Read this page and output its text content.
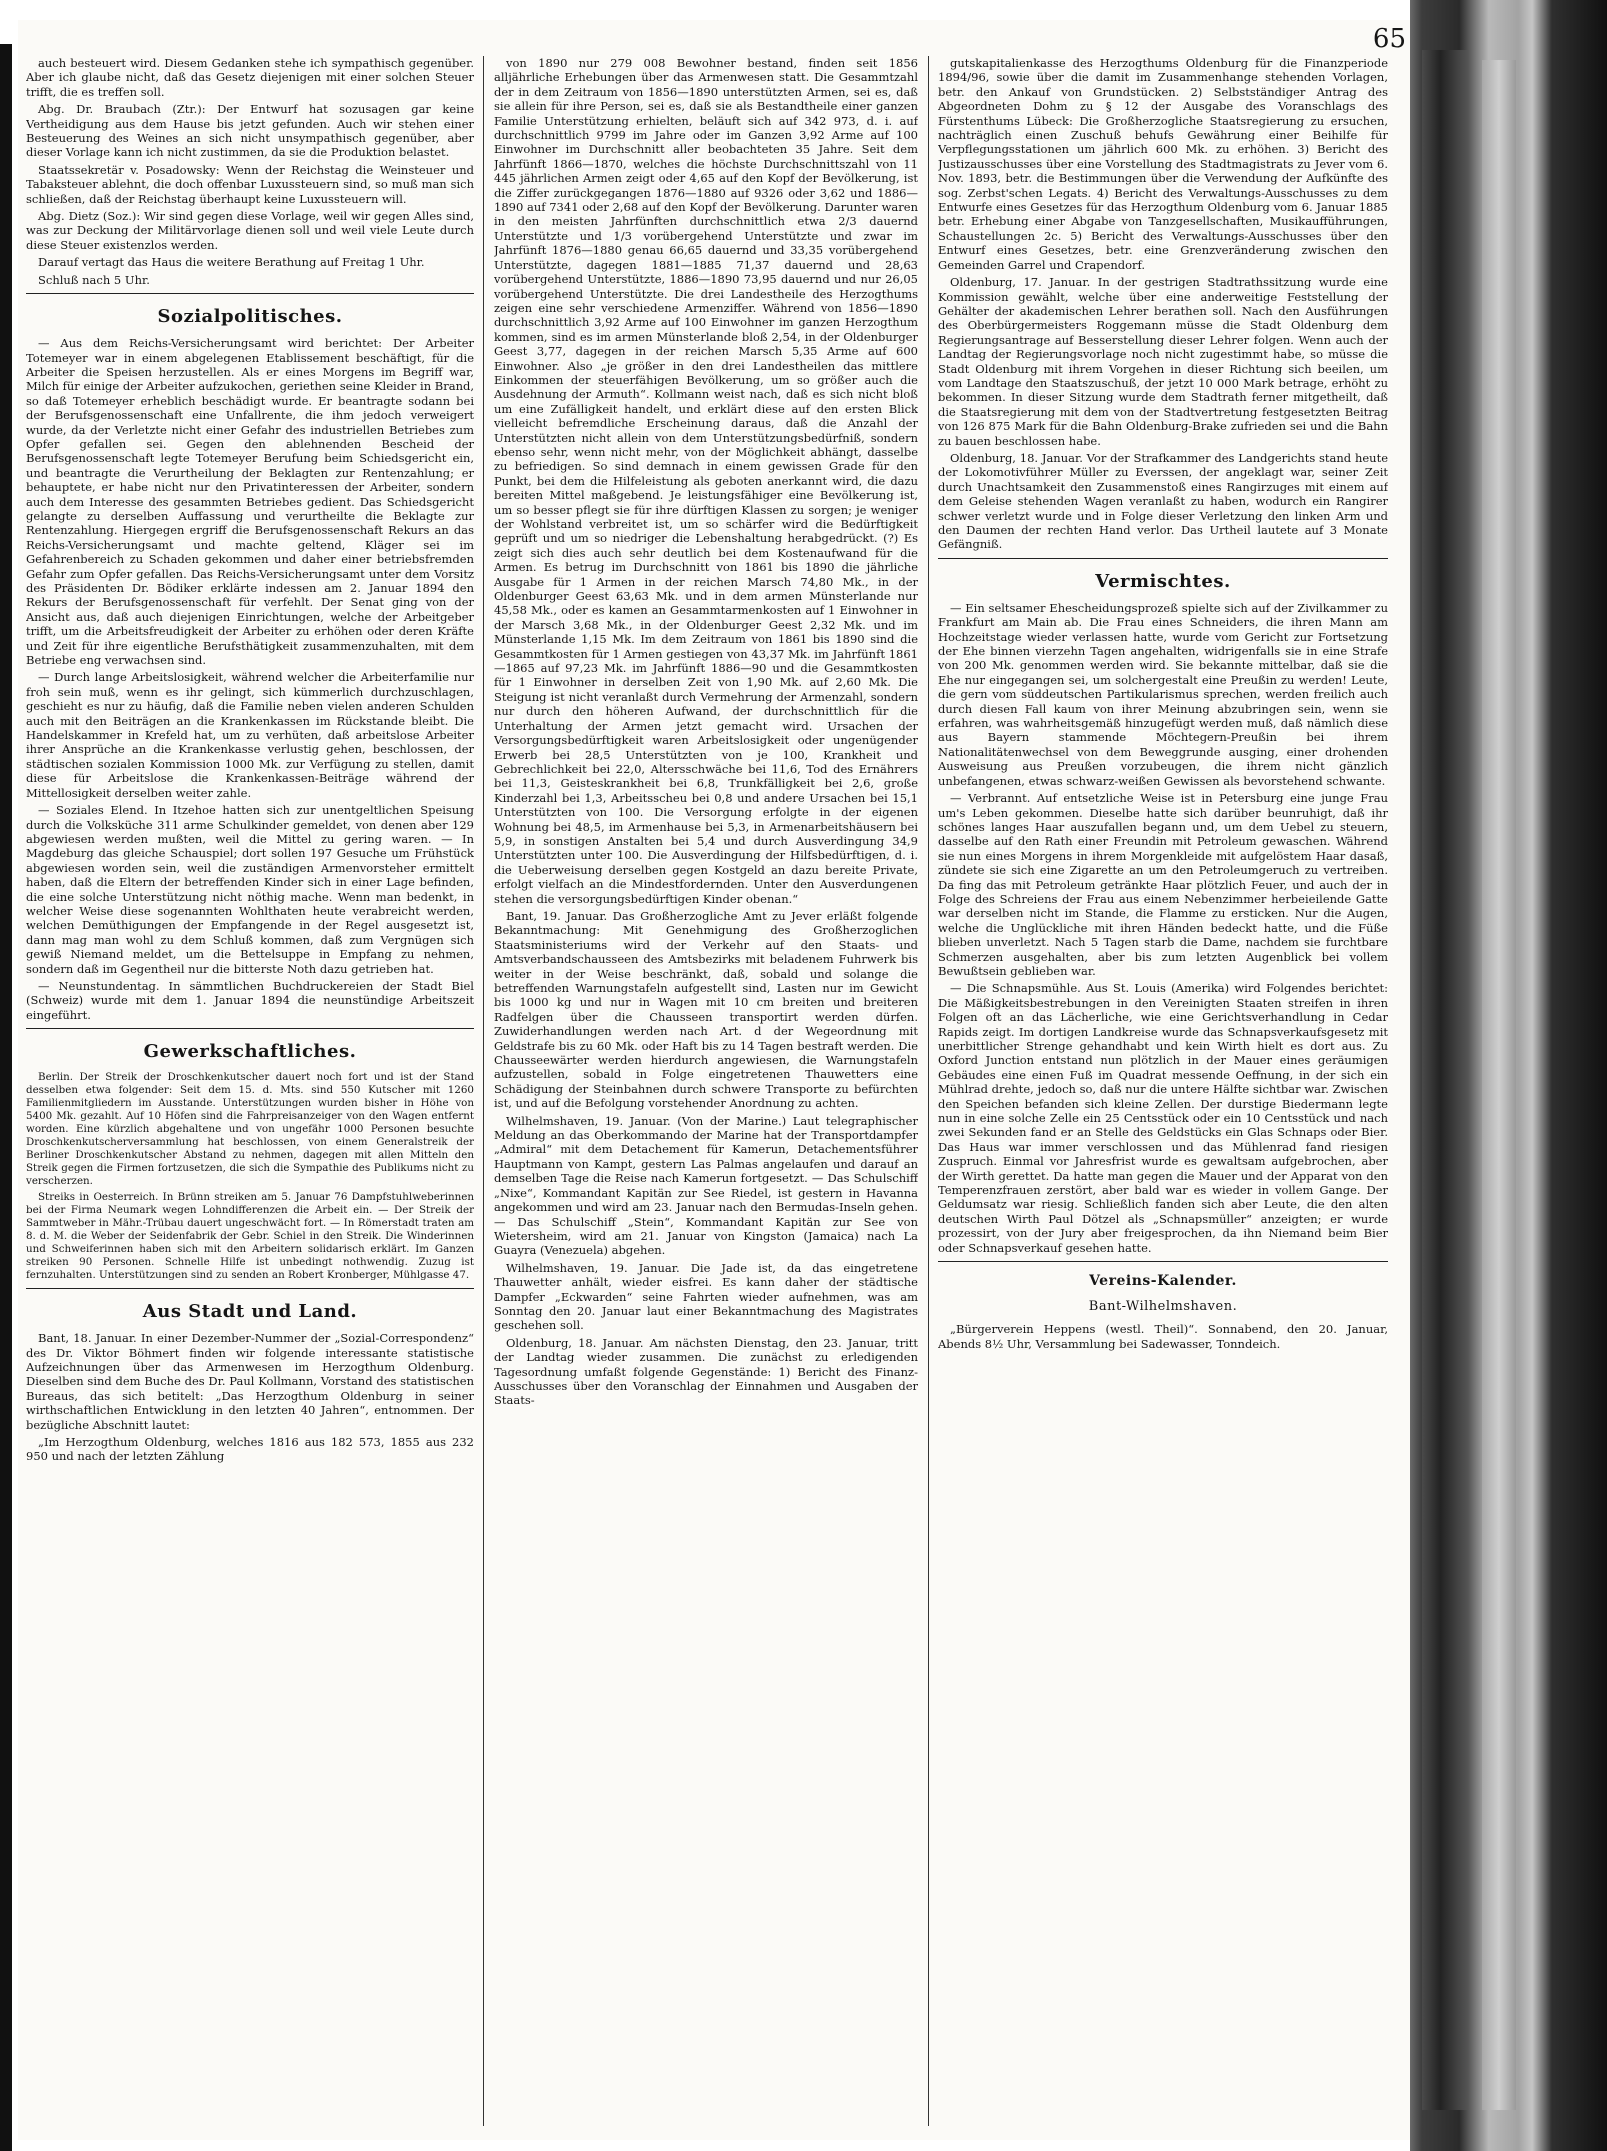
65

auch besteuert wird. Diesem Gedanken stehe ich sympathisch gegenüber. Aber ich glaube nicht, daß das Gesetz diejenigen mit einer solchen Steuer trifft, die es treffen soll.

Abg. Dr. Braubach (Ztr.): Der Entwurf hat sozusagen gar keine Vertheidigung aus dem Hause bis jetzt gefunden. Auch wir stehen einer Besteuerung des Weines an sich nicht unsympathisch gegenüber, aber dieser Vorlage kann ich nicht zustimmen, da sie die Produktion belastet.

Staatssekretär v. Posadowsky: Wenn der Reichstag die Weinsteuer und Tabaksteuer ablehnt, die doch offenbar Luxussteuern sind, so muß man sich schließen, daß der Reichstag überhaupt keine Luxussteuern will.

Abg. Dietz (Soz.): Wir sind gegen diese Vorlage, weil wir gegen Alles sind, was zur Deckung der Militärvorlage dienen soll und weil viele Leute durch diese Steuer existenzlos werden.

Darauf vertagt das Haus die weitere Berathung auf Freitag 1 Uhr.

Schluß nach 5 Uhr.

Sozialpolitisches.

— Aus dem Reichs-Versicherungsamt wird berichtet: Der Arbeiter Totemeyer war in einem abgelegenen Etablissement beschäftigt, für die Arbeiter die Speisen herzustellen. Als er eines Morgens im Begriff war, Milch für einige der Arbeiter aufzukochen, geriethen seine Kleider in Brand, so daß Totemeyer erheblich beschädigt wurde. Er beantragte sodann bei der Berufsgenossenschaft eine Unfallrente, die ihm jedoch verweigert wurde, da der Verletzte nicht einer Gefahr des industriellen Betriebes zum Opfer gefallen sei. Gegen den ablehnenden Bescheid der Berufsgenossenschaft legte Totemeyer Berufung beim Schiedsgericht ein, und beantragte die Verurtheilung der Beklagten zur Rentenzahlung; er behauptete, er habe nicht nur den Privatinteressen der Arbeiter, sondern auch dem Interesse des gesammten Betriebes gedient. Das Schiedsgericht gelangte zu derselben Auffassung und verurtheilte die Beklagte zur Rentenzahlung. Hiergegen ergriff die Berufsgenossenschaft Rekurs an das Reichs-Versicherungsamt und machte geltend, Kläger sei im Gefahrenbereich zu Schaden gekommen und daher einer betriebsfremden Gefahr zum Opfer gefallen. Das Reichs-Versicherungsamt unter dem Vorsitz des Präsidenten Dr. Bödiker erklärte indessen am 2. Januar 1894 den Rekurs der Berufsgenossenschaft für verfehlt. Der Senat ging von der Ansicht aus, daß auch diejenigen Einrichtungen, welche der Arbeitgeber trifft, um die Arbeitsfreudigkeit der Arbeiter zu erhöhen oder deren Kräfte und Zeit für ihre eigentliche Berufsthätigkeit zusammenzuhalten, mit dem Betriebe eng verwachsen sind.

— Durch lange Arbeitslosigkeit, während welcher die Arbeiterfamilie nur froh sein muß, wenn es ihr gelingt, sich kümmerlich durchzuschlagen, geschieht es nur zu häufig, daß die Familie neben vielen anderen Schulden auch mit den Beiträgen an die Krankenkassen im Rückstande bleibt. Die Handelskammer in Krefeld hat, um zu verhüten, daß arbeitslose Arbeiter ihrer Ansprüche an die Krankenkasse verlustig gehen, beschlossen, der städtischen sozialen Kommission 1000 Mk. zur Verfügung zu stellen, damit diese für Arbeitslose die Krankenkassen-Beiträge während der Mittellosigkeit derselben weiter zahle.

— Soziales Elend. In Itzehoe hatten sich zur unentgeltlichen Speisung durch die Volksküche 311 arme Schulkinder gemeldet, von denen aber 129 abgewiesen werden mußten, weil die Mittel zu gering waren. — In Magdeburg das gleiche Schauspiel; dort sollen 197 Gesuche um Frühstück abgewiesen worden sein, weil die zuständigen Armenvorsteher ermittelt haben, daß die Eltern der betreffenden Kinder sich in einer Lage befinden, die eine solche Unterstützung nicht nöthig mache. Wenn man bedenkt, in welcher Weise diese sogenannten Wohlthaten heute verabreicht werden, welchen Demüthigungen der Empfangende in der Regel ausgesetzt ist, dann mag man wohl zu dem Schluß kommen, daß zum Vergnügen sich gewiß Niemand meldet, um die Bettelsuppe in Empfang zu nehmen, sondern daß im Gegentheil nur die bitterste Noth dazu getrieben hat.

— Neunstundentag. In sämmtlichen Buchdruckereien der Stadt Biel (Schweiz) wurde mit dem 1. Januar 1894 die neunstündige Arbeitszeit eingeführt.

Gewerkschaftliches.

Berlin. Der Streik der Droschkenkutscher dauert noch fort und ist der Stand desselben etwa folgender: Seit dem 15. d. Mts. sind 550 Kutscher mit 1260 Familienmitgliedern im Ausstande. Unterstützungen wurden bisher in Höhe von 5400 Mk. gezahlt. Auf 10 Höfen sind die Fahrpreisanzeiger von den Wagen entfernt worden. Eine kürzlich abgehaltene und von ungefähr 1000 Personen besuchte Droschkenkutscherversammlung hat beschlossen, von einem Generalstreik der Berliner Droschkenkutscher Abstand zu nehmen, dagegen mit allen Mitteln den Streik gegen die Firmen fortzusetzen, die sich die Sympathie des Publikums nicht zu verscherzen.

Streiks in Oesterreich. In Brünn streiken am 5. Januar 76 Dampfstuhlweberinnen bei der Firma Neumark wegen Lohndifferenzen die Arbeit ein. — Der Streik der Sammtweber in Mähr.-Trübau dauert ungeschwächt fort. — In Römerstadt traten am 8. d. M. die Weber der Seidenfabrik der Gebr. Schiel in den Streik. Die Winderinnen und Schweiferinnen haben sich mit den Arbeitern solidarisch erklärt. Im Ganzen streiken 90 Personen. Schnelle Hilfe ist unbedingt nothwendig. Zuzug ist fernzuhalten. Unterstützungen sind zu senden an Robert Kronberger, Mühlgasse 47.

Aus Stadt und Land.

Bant, 18. Januar. In einer Dezember-Nummer der „Sozial-Correspondenz“ des Dr. Viktor Böhmert finden wir folgende interessante statistische Aufzeichnungen über das Armenwesen im Herzogthum Oldenburg. Dieselben sind dem Buche des Dr. Paul Kollmann, Vorstand des statistischen Bureaus, das sich betitelt: „Das Herzogthum Oldenburg in seiner wirthschaftlichen Entwicklung in den letzten 40 Jahren“, entnommen. Der bezügliche Abschnitt lautet:

„Im Herzogthum Oldenburg, welches 1816 aus 182 573, 1855 aus 232 950 und nach der letzten Zählung

von 1890 nur 279 008 Bewohner bestand, finden seit 1856 alljährliche Erhebungen über das Armenwesen statt. Die Gesammtzahl der in dem Zeitraum von 1856—1890 unterstützten Armen, sei es, daß sie allein für ihre Person, sei es, daß sie als Bestandtheile einer ganzen Familie Unterstützung erhielten, beläuft sich auf 342 973, d. i. auf durchschnittlich 9799 im Jahre oder im Ganzen 3,92 Arme auf 100 Einwohner im Durchschnitt aller beobachteten 35 Jahre. Seit dem Jahrfünft 1866—1870, welches die höchste Durchschnittszahl von 11 445 jährlichen Armen zeigt oder 4,65 auf den Kopf der Bevölkerung, ist die Ziffer zurückgegangen 1876—1880 auf 9326 oder 3,62 und 1886—1890 auf 7341 oder 2,68 auf den Kopf der Bevölkerung. Darunter waren in den meisten Jahrfünften durchschnittlich etwa 2/3 dauernd Unterstützte und 1/3 vorübergehend Unterstützte und zwar im Jahrfünft 1876—1880 genau 66,65 dauernd und 33,35 vorübergehend Unterstützte, dagegen 1881—1885 71,37 dauernd und 28,63 vorübergehend Unterstützte, 1886—1890 73,95 dauernd und nur 26,05 vorübergehend Unterstützte. Die drei Landestheile des Herzogthums zeigen eine sehr verschiedene Armenziffer. Während von 1856—1890 durchschnittlich 3,92 Arme auf 100 Einwohner im ganzen Herzogthum kommen, sind es im armen Münsterlande bloß 2,54, in der Oldenburger Geest 3,77, dagegen in der reichen Marsch 5,35 Arme auf 600 Einwohner. Also „je größer in den drei Landestheilen das mittlere Einkommen der steuerfähigen Bevölkerung, um so größer auch die Ausdehnung der Armuth“. Kollmann weist nach, daß es sich nicht bloß um eine Zufälligkeit handelt, und erklärt diese auf den ersten Blick vielleicht befremdliche Erscheinung daraus, daß die Anzahl der Unterstützten nicht allein von dem Unterstützungsbedürfniß, sondern ebenso sehr, wenn nicht mehr, von der Möglichkeit abhängt, dasselbe zu befriedigen. So sind demnach in einem gewissen Grade für den Punkt, bei dem die Hilfeleistung als geboten anerkannt wird, die dazu bereiten Mittel maßgebend. Je leistungsfähiger eine Bevölkerung ist, um so besser pflegt sie für ihre dürftigen Klassen zu sorgen; je weniger der Wohlstand verbreitet ist, um so schärfer wird die Bedürftigkeit geprüft und um so niedriger die Lebenshaltung herabgedrückt. (?) Es zeigt sich dies auch sehr deutlich bei dem Kostenaufwand für die Armen. Es betrug im Durchschnitt von 1861 bis 1890 die jährliche Ausgabe für 1 Armen in der reichen Marsch 74,80 Mk., in der Oldenburger Geest 63,63 Mk. und in dem armen Münsterlande nur 45,58 Mk., oder es kamen an Gesammtarmenkosten auf 1 Einwohner in der Marsch 3,68 Mk., in der Oldenburger Geest 2,32 Mk. und im Münsterlande 1,15 Mk. Im dem Zeitraum von 1861 bis 1890 sind die Gesammtkosten für 1 Armen gestiegen von 43,37 Mk. im Jahrfünft 1861—1865 auf 97,23 Mk. im Jahrfünft 1886—90 und die Gesammtkosten für 1 Einwohner in derselben Zeit von 1,90 Mk. auf 2,60 Mk. Die Steigung ist nicht veranlaßt durch Vermehrung der Armenzahl, sondern nur durch den höheren Aufwand, der durchschnittlich für die Unterhaltung der Armen jetzt gemacht wird. Ursachen der Versorgungsbedürftigkeit waren Arbeitslosigkeit oder ungenügender Erwerb bei 28,5 Unterstützten von je 100, Krankheit und Gebrechlichkeit bei 22,0, Altersschwäche bei 11,6, Tod des Ernährers bei 11,3, Geisteskrankheit bei 6,8, Trunkfälligkeit bei 2,6, große Kinderzahl bei 1,3, Arbeitsscheu bei 0,8 und andere Ursachen bei 15,1 Unterstützten von 100. Die Versorgung erfolgte in der eigenen Wohnung bei 48,5, im Armenhause bei 5,3, in Armenarbeitshäusern bei 5,9, in sonstigen Anstalten bei 5,4 und durch Ausverdingung 34,9 Unterstützten unter 100. Die Ausverdingung der Hilfsbedürftigen, d. i. die Ueberweisung derselben gegen Kostgeld an dazu bereite Private, erfolgt vielfach an die Mindestfordernden. Unter den Ausverdungenen stehen die versorgungsbedürftigen Kinder obenan.“

Bant, 19. Januar. Das Großherzogliche Amt zu Jever erläßt folgende Bekanntmachung: Mit Genehmigung des Großherzoglichen Staatsministeriums wird der Verkehr auf den Staats- und Amtsverbandschausseen des Amtsbezirks mit beladenem Fuhrwerk bis weiter in der Weise beschränkt, daß, sobald und solange die betreffenden Warnungstafeln aufgestellt sind, Lasten nur im Gewicht bis 1000 kg und nur in Wagen mit 10 cm breiten und breiteren Radfelgen über die Chausseen transportirt werden dürfen. Zuwiderhandlungen werden nach Art. d der Wegeordnung mit Geldstrafe bis zu 60 Mk. oder Haft bis zu 14 Tagen bestraft werden. Die Chausseewärter werden hierdurch angewiesen, die Warnungstafeln aufzustellen, sobald in Folge eingetretenen Thauwetters eine Schädigung der Steinbahnen durch schwere Transporte zu befürchten ist, und auf die Befolgung vorstehender Anordnung zu achten.

Wilhelmshaven, 19. Januar. (Von der Marine.) Laut telegraphischer Meldung an das Oberkommando der Marine hat der Transportdampfer „Admiral“ mit dem Detachement für Kamerun, Detachementsführer Hauptmann von Kampt, gestern Las Palmas angelaufen und darauf an demselben Tage die Reise nach Kamerun fortgesetzt. — Das Schulschiff „Nixe“, Kommandant Kapitän zur See Riedel, ist gestern in Havanna angekommen und wird am 23. Januar nach den Bermudas-Inseln gehen. — Das Schulschiff „Stein“, Kommandant Kapitän zur See von Wietersheim, wird am 21. Januar von Kingston (Jamaica) nach La Guayra (Venezuela) abgehen.

Wilhelmshaven, 19. Januar. Die Jade ist, da das eingetretene Thauwetter anhält, wieder eisfrei. Es kann daher der städtische Dampfer „Eckwarden“ seine Fahrten wieder aufnehmen, was am Sonntag den 20. Januar laut einer Bekanntmachung des Magistrates geschehen soll.

Oldenburg, 18. Januar. Am nächsten Dienstag, den 23. Januar, tritt der Landtag wieder zusammen. Die zunächst zu erledigenden Tagesordnung umfaßt folgende Gegenstände: 1) Bericht des Finanz-Ausschusses über den Voranschlag der Einnahmen und Ausgaben der Staats-

gutskapitalienkasse des Herzogthums Oldenburg für die Finanzperiode 1894/96, sowie über die damit im Zusammenhange stehenden Vorlagen, betr. den Ankauf von Grundstücken. 2) Selbstständiger Antrag des Abgeordneten Dohm zu § 12 der Ausgabe des Voranschlags des Fürstenthums Lübeck: Die Großherzogliche Staatsregierung zu ersuchen, nachträglich einen Zuschuß behufs Gewährung einer Beihilfe für Verpflegungsstationen um jährlich 600 Mk. zu erhöhen. 3) Bericht des Justizausschusses über eine Vorstellung des Stadtmagistrats zu Jever vom 6. Nov. 1893, betr. die Bestimmungen über die Verwendung der Aufkünfte des sog. Zerbst'schen Legats. 4) Bericht des Verwaltungs-Ausschusses zu dem Entwurfe eines Gesetzes für das Herzogthum Oldenburg vom 6. Januar 1885 betr. Erhebung einer Abgabe von Tanzgesellschaften, Musikaufführungen, Schaustellungen 2c. 5) Bericht des Verwaltungs-Ausschusses über den Entwurf eines Gesetzes, betr. eine Grenzveränderung zwischen den Gemeinden Garrel und Crapendorf.

Oldenburg, 17. Januar. In der gestrigen Stadtrathssitzung wurde eine Kommission gewählt, welche über eine anderweitige Feststellung der Gehälter der akademischen Lehrer berathen soll. Nach den Ausführungen des Oberbürgermeisters Roggemann müsse die Stadt Oldenburg dem Regierungsantrage auf Besserstellung dieser Lehrer folgen. Wenn auch der Landtag der Regierungsvorlage noch nicht zugestimmt habe, so müsse die Stadt Oldenburg mit ihrem Vorgehen in dieser Richtung sich beeilen, um vom Landtage den Staatszuschuß, der jetzt 10 000 Mark betrage, erhöht zu bekommen. In dieser Sitzung wurde dem Stadtrath ferner mitgetheilt, daß die Staatsregierung mit dem von der Stadtvertretung festgesetzten Beitrag von 126 875 Mark für die Bahn Oldenburg-Brake zufrieden sei und die Bahn zu bauen beschlossen habe.

Oldenburg, 18. Januar. Vor der Strafkammer des Landgerichts stand heute der Lokomotivführer Müller zu Everssen, der angeklagt war, seiner Zeit durch Unachtsamkeit den Zusammenstoß eines Rangirzuges mit einem auf dem Geleise stehenden Wagen veranlaßt zu haben, wodurch ein Rangirer schwer verletzt wurde und in Folge dieser Verletzung den linken Arm und den Daumen der rechten Hand verlor. Das Urtheil lautete auf 3 Monate Gefängniß.

Vermischtes.

— Ein seltsamer Ehescheidungsprozeß spielte sich auf der Zivilkammer zu Frankfurt am Main ab. Die Frau eines Schneiders, die ihren Mann am Hochzeitstage wieder verlassen hatte, wurde vom Gericht zur Fortsetzung der Ehe binnen vierzehn Tagen angehalten, widrigenfalls sie in eine Strafe von 200 Mk. genommen werden wird. Sie bekannte mittelbar, daß sie die Ehe nur eingegangen sei, um solchergestalt eine Preußin zu werden! Leute, die gern vom süddeutschen Partikularismus sprechen, werden freilich auch durch diesen Fall kaum von ihrer Meinung abzubringen sein, wenn sie erfahren, was wahrheitsgemäß hinzugefügt werden muß, daß nämlich diese aus Bayern stammende Möchtegern-Preußin bei ihrem Nationalitätenwechsel von dem Beweggrunde ausging, einer drohenden Ausweisung aus Preußen vorzubeugen, die ihrem nicht gänzlich unbefangenen, etwas schwarz-weißen Gewissen als bevorstehend schwante.

— Verbrannt. Auf entsetzliche Weise ist in Petersburg eine junge Frau um's Leben gekommen. Dieselbe hatte sich darüber beunruhigt, daß ihr schönes langes Haar auszufallen begann und, um dem Uebel zu steuern, dasselbe auf den Rath einer Freundin mit Petroleum gewaschen. Während sie nun eines Morgens in ihrem Morgenkleide mit aufgelöstem Haar dasaß, zündete sie sich eine Zigarette an um den Petroleumgeruch zu vertreiben. Da fing das mit Petroleum getränkte Haar plötzlich Feuer, und auch der in Folge des Schreiens der Frau aus einem Nebenzimmer herbeieilende Gatte war derselben nicht im Stande, die Flamme zu ersticken. Nur die Augen, welche die Unglückliche mit ihren Händen bedeckt hatte, und die Füße blieben unverletzt. Nach 5 Tagen starb die Dame, nachdem sie furchtbare Schmerzen ausgehalten, aber bis zum letzten Augenblick bei vollem Bewußtsein geblieben war.

— Die Schnapsmühle. Aus St. Louis (Amerika) wird Folgendes berichtet: Die Mäßigkeitsbestrebungen in den Vereinigten Staaten streifen in ihren Folgen oft an das Lächerliche, wie eine Gerichtsverhandlung in Cedar Rapids zeigt. Im dortigen Landkreise wurde das Schnapsverkaufsgesetz mit unerbittlicher Strenge gehandhabt und kein Wirth hielt es dort aus. Zu Oxford Junction entstand nun plötzlich in der Mauer eines geräumigen Gebäudes eine einen Fuß im Quadrat messende Oeffnung, in der sich ein Mühlrad drehte, jedoch so, daß nur die untere Hälfte sichtbar war. Zwischen den Speichen befanden sich kleine Zellen. Der durstige Biedermann legte nun in eine solche Zelle ein 25 Centsstück oder ein 10 Centsstück und nach zwei Sekunden fand er an Stelle des Geldstücks ein Glas Schnaps oder Bier. Das Haus war immer verschlossen und das Mühlenrad fand riesigen Zuspruch. Einmal vor Jahresfrist wurde es gewaltsam aufgebrochen, aber der Wirth gerettet. Da hatte man gegen die Mauer und der Apparat von den Temperenzfrauen zerstört, aber bald war es wieder in vollem Gange. Der Geldumsatz war riesig. Schließlich fanden sich aber Leute, die den alten deutschen Wirth Paul Dötzel als „Schnapsmüller“ anzeigten; er wurde prozessirt, von der Jury aber freigesprochen, da ihn Niemand beim Bier oder Schnapsverkauf gesehen hatte.

Vereins-Kalender.
Bant-Wilhelmshaven.

„Bürgerverein Heppens (westl. Theil)“. Sonnabend, den 20. Januar, Abends 8½ Uhr, Versammlung bei Sadewasser, Tonndeich.
